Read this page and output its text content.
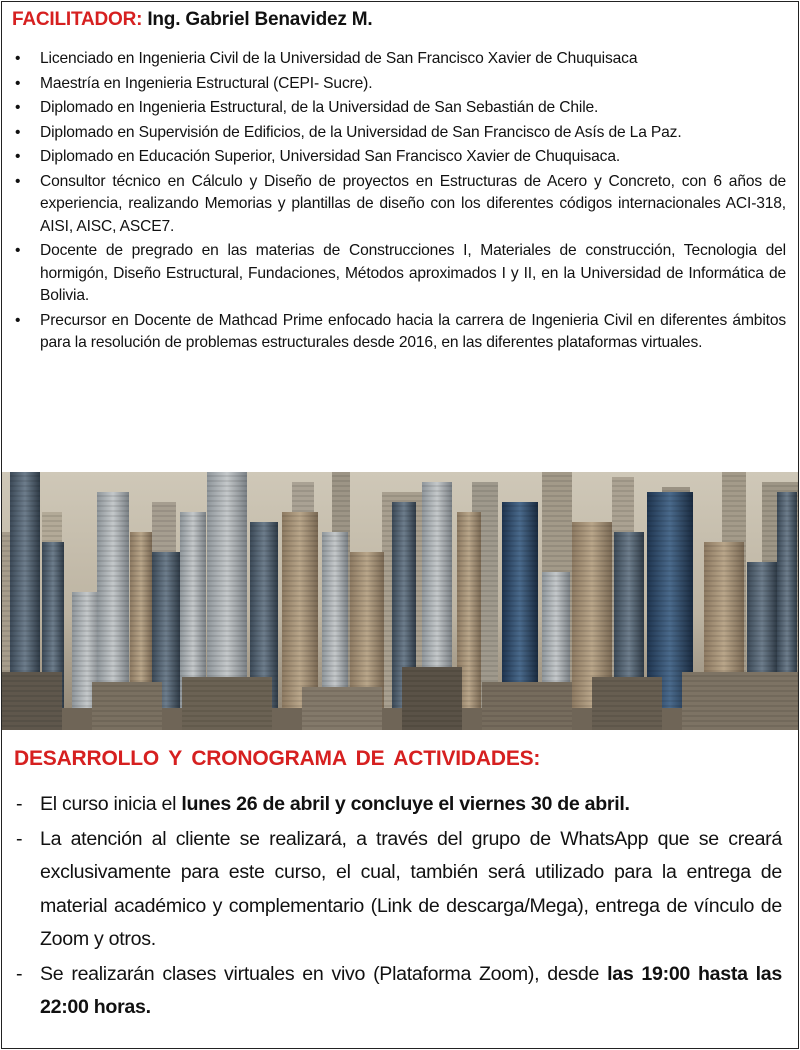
FACILITADOR: Ing. Gabriel Benavidez M.
• Licenciado en Ingenieria Civil de la Universidad de San Francisco Xavier de Chuquisaca
• Maestría en Ingenieria Estructural (CEPI- Sucre).
• Diplomado en Ingenieria Estructural, de la Universidad de San Sebastián de Chile.
• Diplomado en Supervisión de Edificios, de la Universidad de San Francisco de Asís de La Paz.
• Diplomado en Educación Superior, Universidad San Francisco Xavier de Chuquisaca.
• Consultor técnico en Cálculo y Diseño de proyectos en Estructuras de Acero y Concreto, con 6 años de experiencia, realizando Memorias y plantillas de diseño con los diferentes códigos internacionales ACI-318, AISI, AISC, ASCE7.
• Docente de pregrado en las materias de Construcciones I, Materiales de construcción, Tecnologia del hormigón, Diseño Estructural, Fundaciones, Métodos aproximados I y II, en la Universidad de Informática de Bolivia.
• Precursor en Docente de Mathcad Prime enfocado hacia la carrera de Ingenieria Civil en diferentes ámbitos para la resolución de problemas estructurales desde 2016, en las diferentes plataformas virtuales.
DESARROLLO Y CRONOGRAMA DE ACTIVIDADES:
- El curso inicia el lunes 26 de abril y concluye el viernes 30 de abril.
- La atención al cliente se realizará, a través del grupo de WhatsApp que se creará exclusivamente para este curso, el cual, también será utilizado para la entrega de material académico y complementario (Link de descarga/Mega), entrega de vínculo de Zoom y otros.
- Se realizarán clases virtuales en vivo (Plataforma Zoom), desde las 19:00 hasta las 22:00 horas.
